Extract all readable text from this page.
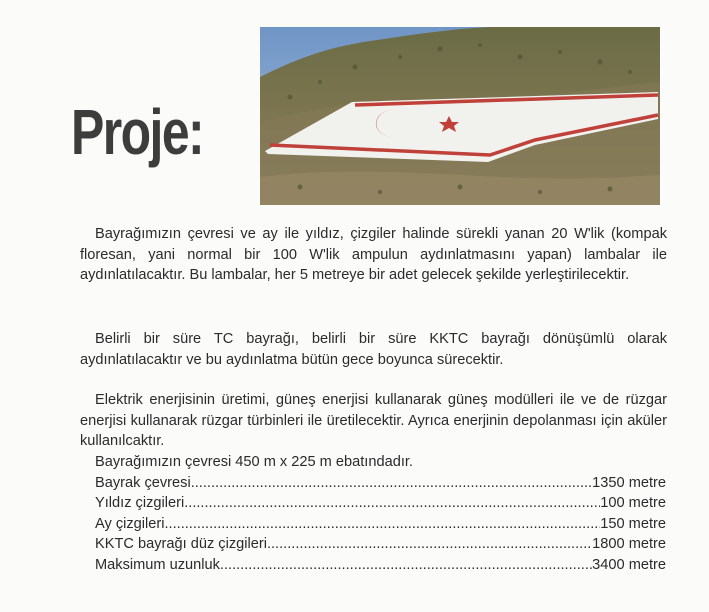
Proje:

Bayrağımızın çevresi ve ay ile yıldız, çizgiler halinde sürekli yanan 20 W'lik (kompak floresan, yani normal bir 100 W'lik ampulun aydınlatmasını yapan) lambalar ile aydınlatılacaktır. Bu lambalar, her 5 metreye bir adet gelecek şekilde yerleştirilecektir.

Belirli bir süre TC bayrağı, belirli bir süre KKTC bayrağı dönüşümlü olarak aydınlatılacaktır ve bu aydınlatma bütün gece boyunca sürecektir.

Elektrik enerjisinin üretimi, güneş enerjisi kullanarak güneş modülleri ile ve de rüzgar enerjisi kullanarak rüzgar türbinleri ile üretilecektir. Ayrıca enerjinin depolanması için aküler kullanılcaktır.

Bayrağımızın çevresi 450 m x 225 m ebatındadır.
Bayrak çevresi .....	1350 metre
Yıldız çizgileri .....	100 metre
Ay çizgileri .....	150 metre
KKTC bayrağı düz çizgileri .....	1800 metre
Maksimum uzunluk .....	3400 metre
